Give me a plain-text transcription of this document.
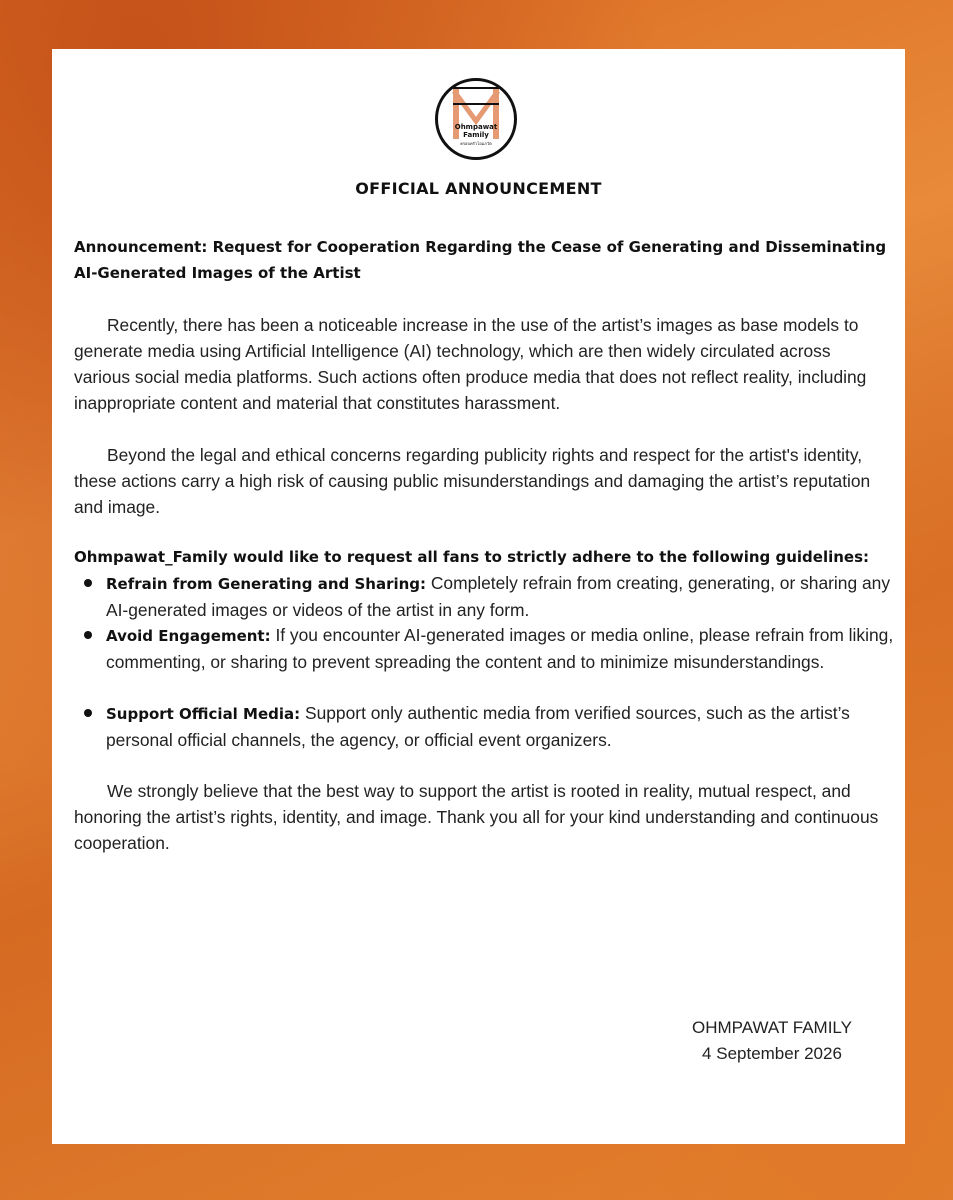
Ohmpawat
Family
ครอบครัวโอมภวัต
OFFICIAL ANNOUNCEMENT
Announcement: Request for Cooperation Regarding the Cease of Generating and Disseminating AI-Generated Images of the Artist

Recently, there has been a noticeable increase in the use of the artist’s images as base models to generate media using Artificial Intelligence (AI) technology, which are then widely circulated across various social media platforms. Such actions often produce media that does not reflect reality, including inappropriate content and material that constitutes harassment.

Beyond the legal and ethical concerns regarding publicity rights and respect for the artist's identity, these actions carry a high risk of causing public misunderstandings and damaging the artist’s reputation and image.

Ohmpawat_Family would like to request all fans to strictly adhere to the following guidelines:
Refrain from Generating and Sharing: Completely refrain from creating, generating, or sharing any AI-generated images or videos of the artist in any form.
Avoid Engagement: If you encounter AI-generated images or media online, please refrain from liking, commenting, or sharing to prevent spreading the content and to minimize misunderstandings.
Support Official Media: Support only authentic media from verified sources, such as the artist’s personal official channels, the agency, or official event organizers.

We strongly believe that the best way to support the artist is rooted in reality, mutual respect, and honoring the artist’s rights, identity, and image. Thank you all for your kind understanding and continuous cooperation.

OHMPAWAT FAMILY
4 September 2026
